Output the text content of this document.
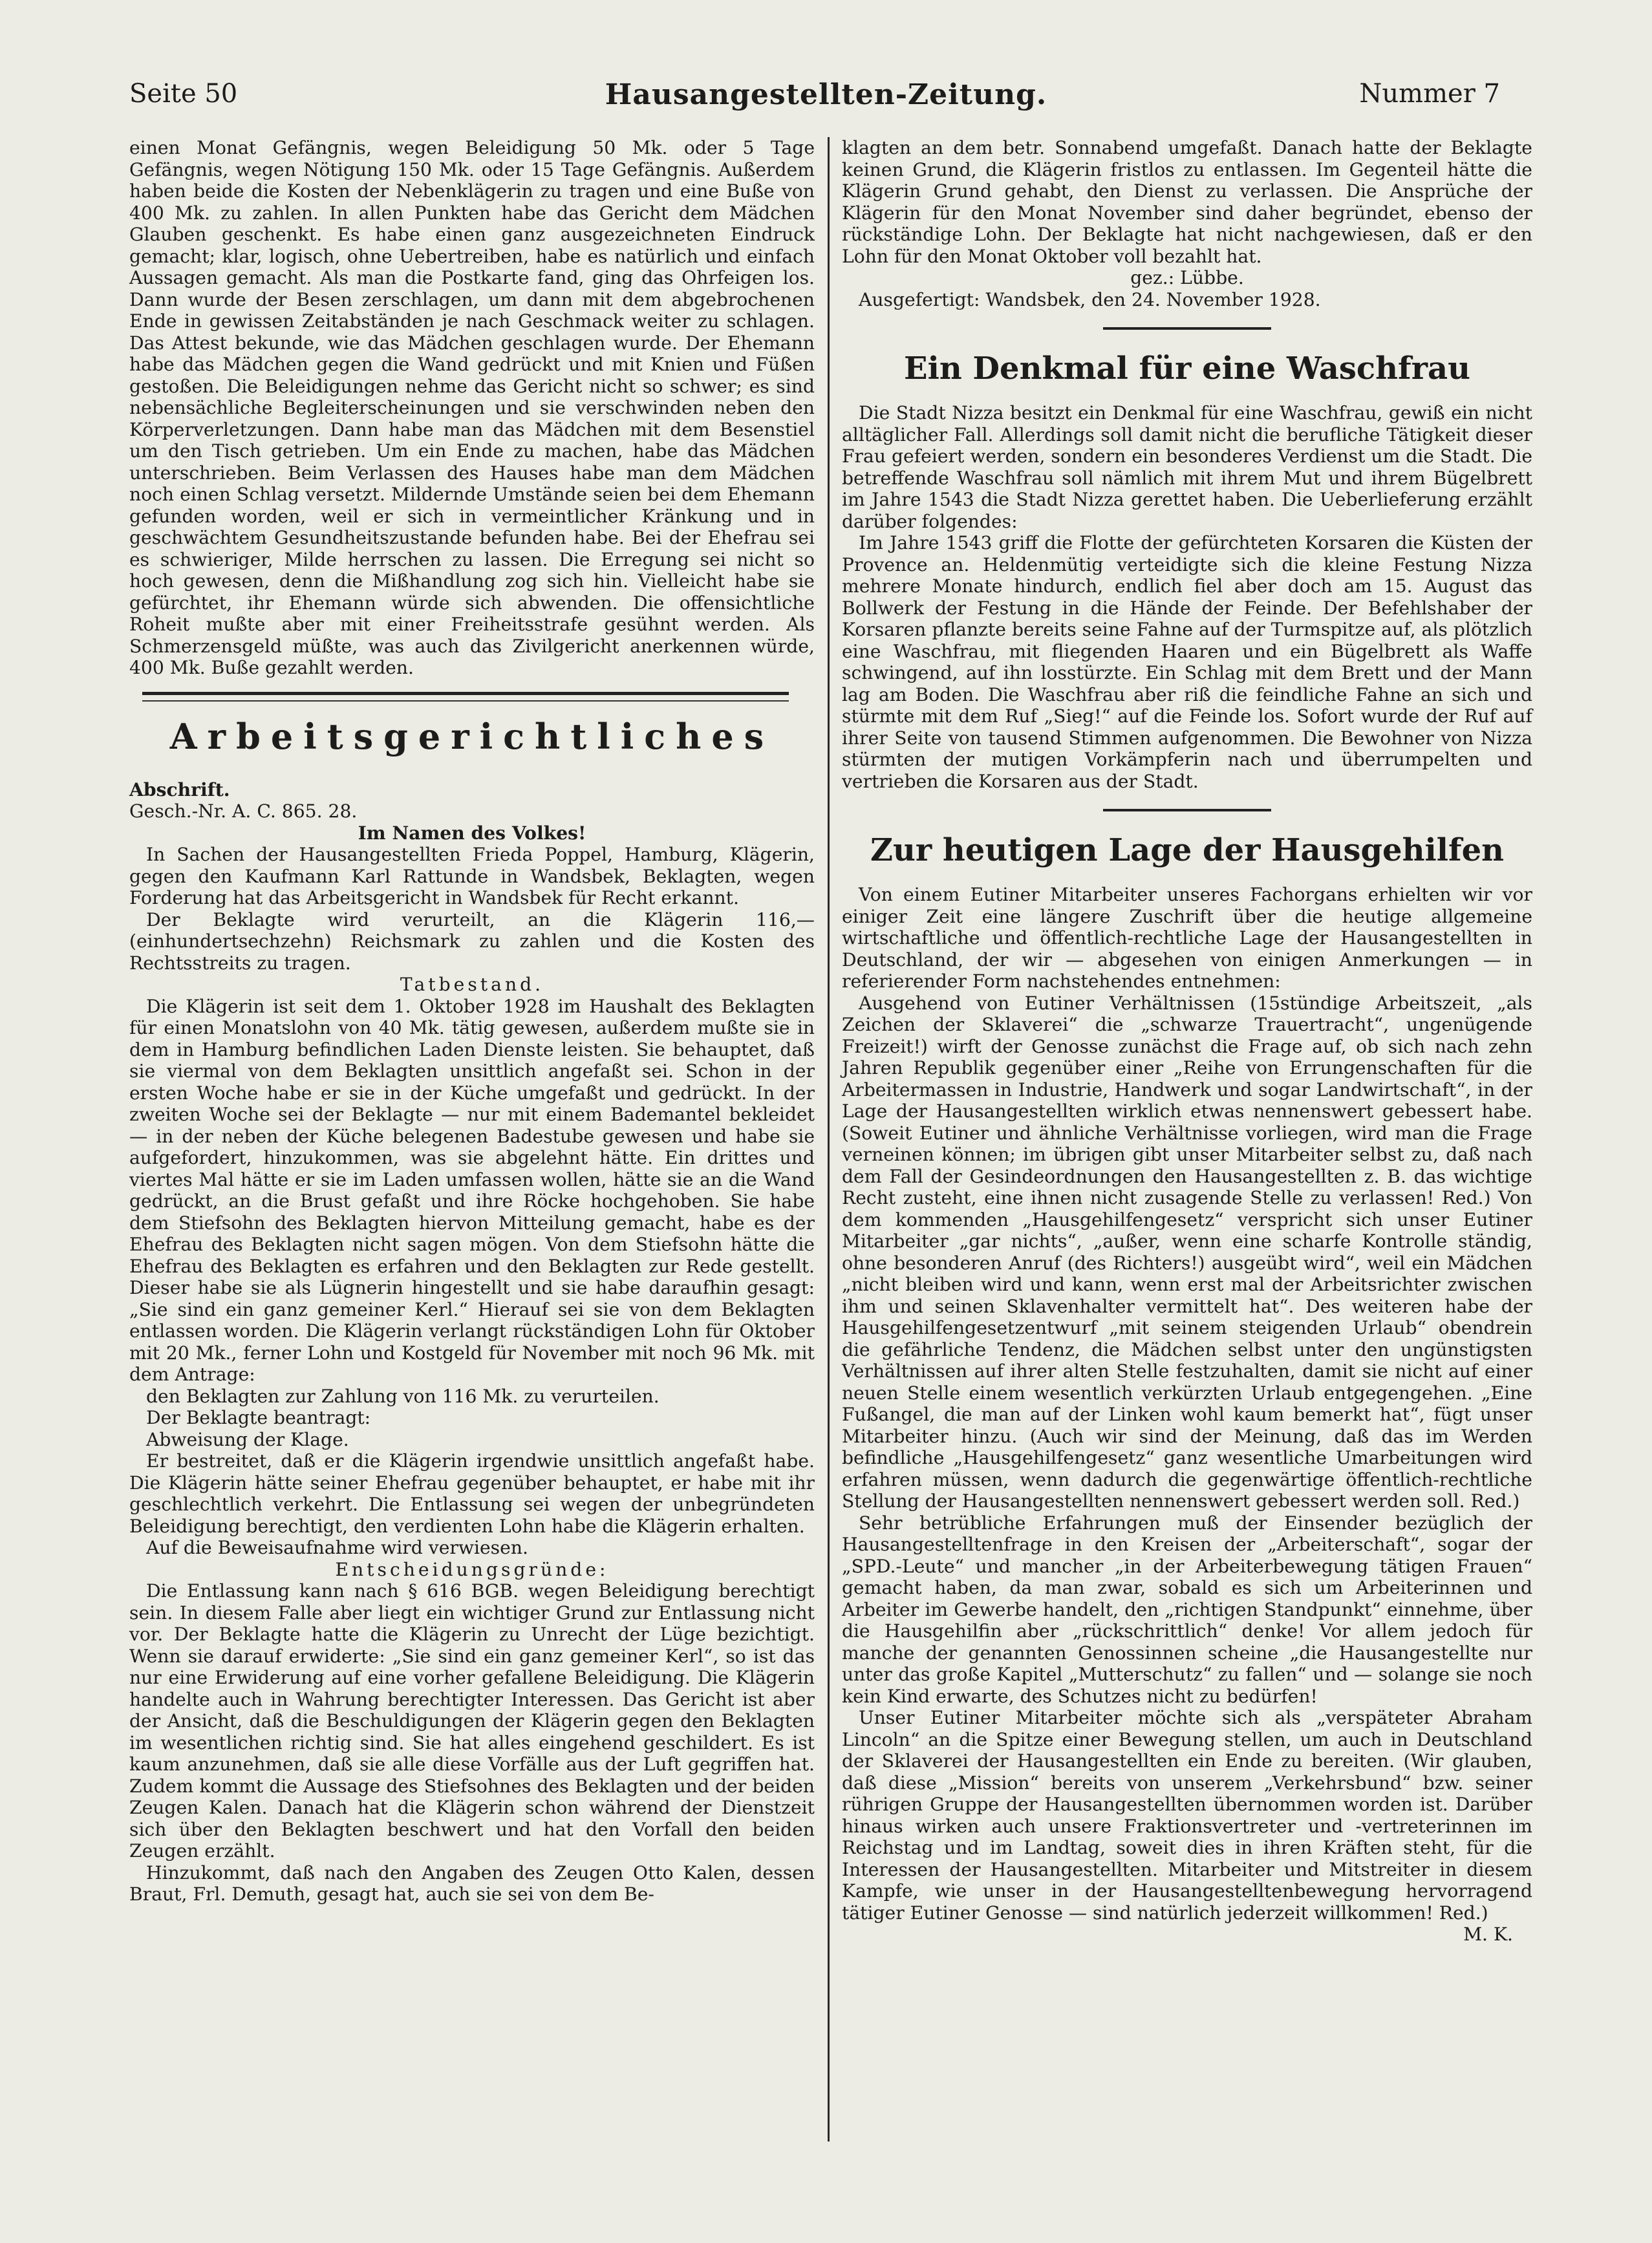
Seite 50	Hausangestellten-Zeitung.	Nummer 7

einen Monat Gefängnis, wegen Beleidigung 50 Mk. oder 5 Tage Gefängnis, wegen Nötigung 150 Mk. oder 15 Tage Gefängnis. Außerdem haben beide die Kosten der Nebenklägerin zu tragen und eine Buße von 400 Mk. zu zahlen. In allen Punkten habe das Gericht dem Mädchen Glauben geschenkt. Es habe einen ganz ausgezeichneten Eindruck gemacht; klar, logisch, ohne Uebertreiben, habe es natürlich und einfach Aussagen gemacht. Als man die Postkarte fand, ging das Ohrfeigen los. Dann wurde der Besen zerschlagen, um dann mit dem abgebrochenen Ende in gewissen Zeitabständen je nach Geschmack weiter zu schlagen. Das Attest bekunde, wie das Mädchen geschlagen wurde. Der Ehemann habe das Mädchen gegen die Wand gedrückt und mit Knien und Füßen gestoßen. Die Beleidigungen nehme das Gericht nicht so schwer; es sind nebensächliche Begleiterscheinungen und sie verschwinden neben den Körperverletzungen. Dann habe man das Mädchen mit dem Besenstiel um den Tisch getrieben. Um ein Ende zu machen, habe das Mädchen unterschrieben. Beim Verlassen des Hauses habe man dem Mädchen noch einen Schlag versetzt. Mildernde Umstände seien bei dem Ehemann gefunden worden, weil er sich in vermeintlicher Kränkung und in geschwächtem Gesundheitszustande befunden habe. Bei der Ehefrau sei es schwieriger, Milde herrschen zu lassen. Die Erregung sei nicht so hoch gewesen, denn die Mißhandlung zog sich hin. Vielleicht habe sie gefürchtet, ihr Ehemann würde sich abwenden. Die offensichtliche Roheit mußte aber mit einer Freiheitsstrafe gesühnt werden. Als Schmerzensgeld müßte, was auch das Zivilgericht anerkennen würde, 400 Mk. Buße gezahlt werden.

Arbeitsgerichtliches

Abschrift.

Gesch.-Nr. A. C. 865. 28.

Im Namen des Volkes!

In Sachen der Hausangestellten Frieda Poppel, Hamburg, Klägerin, gegen den Kaufmann Karl Rattunde in Wandsbek, Beklagten, wegen Forderung hat das Arbeitsgericht in Wandsbek für Recht erkannt.

Der Beklagte wird verurteilt, an die Klägerin 116,— (einhundertsechzehn) Reichsmark zu zahlen und die Kosten des Rechtsstreits zu tragen.

Tatbestand.

Die Klägerin ist seit dem 1. Oktober 1928 im Haushalt des Beklagten für einen Monatslohn von 40 Mk. tätig gewesen, außerdem mußte sie in dem in Hamburg befindlichen Laden Dienste leisten. Sie behauptet, daß sie viermal von dem Beklagten unsittlich angefaßt sei. Schon in der ersten Woche habe er sie in der Küche umgefaßt und gedrückt. In der zweiten Woche sei der Beklagte — nur mit einem Bademantel bekleidet — in der neben der Küche belegenen Badestube gewesen und habe sie aufgefordert, hinzukommen, was sie abgelehnt hätte. Ein drittes und viertes Mal hätte er sie im Laden umfassen wollen, hätte sie an die Wand gedrückt, an die Brust gefaßt und ihre Röcke hochgehoben. Sie habe dem Stiefsohn des Beklagten hiervon Mitteilung gemacht, habe es der Ehefrau des Beklagten nicht sagen mögen. Von dem Stiefsohn hätte die Ehefrau des Beklagten es erfahren und den Beklagten zur Rede gestellt. Dieser habe sie als Lügnerin hingestellt und sie habe daraufhin gesagt: „Sie sind ein ganz gemeiner Kerl.“ Hierauf sei sie von dem Beklagten entlassen worden. Die Klägerin verlangt rückständigen Lohn für Oktober mit 20 Mk., ferner Lohn und Kostgeld für November mit noch 96 Mk. mit dem Antrage:

den Beklagten zur Zahlung von 116 Mk. zu verurteilen.

Der Beklagte beantragt:

Abweisung der Klage.

Er bestreitet, daß er die Klägerin irgendwie unsittlich angefaßt habe. Die Klägerin hätte seiner Ehefrau gegenüber behauptet, er habe mit ihr geschlechtlich verkehrt. Die Entlassung sei wegen der unbegründeten Beleidigung berechtigt, den verdienten Lohn habe die Klägerin erhalten.

Auf die Beweisaufnahme wird verwiesen.

Entscheidungsgründe:

Die Entlassung kann nach § 616 BGB. wegen Beleidigung berechtigt sein. In diesem Falle aber liegt ein wichtiger Grund zur Entlassung nicht vor. Der Beklagte hatte die Klägerin zu Unrecht der Lüge bezichtigt. Wenn sie darauf erwiderte: „Sie sind ein ganz gemeiner Kerl“, so ist das nur eine Erwiderung auf eine vorher gefallene Beleidigung. Die Klägerin handelte auch in Wahrung berechtigter Interessen. Das Gericht ist aber der Ansicht, daß die Beschuldigungen der Klägerin gegen den Beklagten im wesentlichen richtig sind. Sie hat alles eingehend geschildert. Es ist kaum anzunehmen, daß sie alle diese Vorfälle aus der Luft gegriffen hat. Zudem kommt die Aussage des Stiefsohnes des Beklagten und der beiden Zeugen Kalen. Danach hat die Klägerin schon während der Dienstzeit sich über den Beklagten beschwert und hat den Vorfall den beiden Zeugen erzählt.

Hinzukommt, daß nach den Angaben des Zeugen Otto Kalen, dessen Braut, Frl. Demuth, gesagt hat, auch sie sei von dem Be-

klagten an dem betr. Sonnabend umgefaßt. Danach hatte der Beklagte keinen Grund, die Klägerin fristlos zu entlassen. Im Gegenteil hätte die Klägerin Grund gehabt, den Dienst zu verlassen. Die Ansprüche der Klägerin für den Monat November sind daher begründet, ebenso der rückständige Lohn. Der Beklagte hat nicht nachgewiesen, daß er den Lohn für den Monat Oktober voll bezahlt hat.

gez.: Lübbe.

Ausgefertigt: Wandsbek, den 24. November 1928.

Ein Denkmal für eine Waschfrau

Die Stadt Nizza besitzt ein Denkmal für eine Waschfrau, gewiß ein nicht alltäglicher Fall. Allerdings soll damit nicht die berufliche Tätigkeit dieser Frau gefeiert werden, sondern ein besonderes Verdienst um die Stadt. Die betreffende Waschfrau soll nämlich mit ihrem Mut und ihrem Bügelbrett im Jahre 1543 die Stadt Nizza gerettet haben. Die Ueberlieferung erzählt darüber folgendes:

Im Jahre 1543 griff die Flotte der gefürchteten Korsaren die Küsten der Provence an. Heldenmütig verteidigte sich die kleine Festung Nizza mehrere Monate hindurch, endlich fiel aber doch am 15. August das Bollwerk der Festung in die Hände der Feinde. Der Befehlshaber der Korsaren pflanzte bereits seine Fahne auf der Turmspitze auf, als plötzlich eine Waschfrau, mit fliegenden Haaren und ein Bügelbrett als Waffe schwingend, auf ihn losstürzte. Ein Schlag mit dem Brett und der Mann lag am Boden. Die Waschfrau aber riß die feindliche Fahne an sich und stürmte mit dem Ruf „Sieg!“ auf die Feinde los. Sofort wurde der Ruf auf ihrer Seite von tausend Stimmen aufgenommen. Die Bewohner von Nizza stürmten der mutigen Vorkämpferin nach und überrumpelten und vertrieben die Korsaren aus der Stadt.

Zur heutigen Lage der Hausgehilfen

Von einem Eutiner Mitarbeiter unseres Fachorgans erhielten wir vor einiger Zeit eine längere Zuschrift über die heutige allgemeine wirtschaftliche und öffentlich-rechtliche Lage der Hausangestellten in Deutschland, der wir — abgesehen von einigen Anmerkungen — in referierender Form nachstehendes entnehmen:

Ausgehend von Eutiner Verhältnissen (15stündige Arbeitszeit, „als Zeichen der Sklaverei“ die „schwarze Trauertracht“, ungenügende Freizeit!) wirft der Genosse zunächst die Frage auf, ob sich nach zehn Jahren Republik gegenüber einer „Reihe von Errungenschaften für die Arbeitermassen in Industrie, Handwerk und sogar Landwirtschaft“, in der Lage der Hausangestellten wirklich etwas nennenswert gebessert habe. (Soweit Eutiner und ähnliche Verhältnisse vorliegen, wird man die Frage verneinen können; im übrigen gibt unser Mitarbeiter selbst zu, daß nach dem Fall der Gesindeordnungen den Hausangestellten z. B. das wichtige Recht zusteht, eine ihnen nicht zusagende Stelle zu verlassen! Red.) Von dem kommenden „Hausgehilfengesetz“ verspricht sich unser Eutiner Mitarbeiter „gar nichts“, „außer, wenn eine scharfe Kontrolle ständig, ohne besonderen Anruf (des Richters!) ausgeübt wird“, weil ein Mädchen „nicht bleiben wird und kann, wenn erst mal der Arbeitsrichter zwischen ihm und seinen Sklavenhalter vermittelt hat“. Des weiteren habe der Hausgehilfengesetzentwurf „mit seinem steigenden Urlaub“ obendrein die gefährliche Tendenz, die Mädchen selbst unter den ungünstigsten Verhältnissen auf ihrer alten Stelle festzuhalten, damit sie nicht auf einer neuen Stelle einem wesentlich verkürzten Urlaub entgegengehen. „Eine Fußangel, die man auf der Linken wohl kaum bemerkt hat“, fügt unser Mitarbeiter hinzu. (Auch wir sind der Meinung, daß das im Werden befindliche „Hausgehilfengesetz“ ganz wesentliche Umarbeitungen wird erfahren müssen, wenn dadurch die gegenwärtige öffentlich-rechtliche Stellung der Hausangestellten nennenswert gebessert werden soll. Red.)

Sehr betrübliche Erfahrungen muß der Einsender bezüglich der Hausangestelltenfrage in den Kreisen der „Arbeiterschaft“, sogar der „SPD.-Leute“ und mancher „in der Arbeiterbewegung tätigen Frauen“ gemacht haben, da man zwar, sobald es sich um Arbeiterinnen und Arbeiter im Gewerbe handelt, den „richtigen Standpunkt“ einnehme, über die Hausgehilfin aber „rückschrittlich“ denke! Vor allem jedoch für manche der genannten Genossinnen scheine „die Hausangestellte nur unter das große Kapitel „Mutterschutz“ zu fallen“ und — solange sie noch kein Kind erwarte, des Schutzes nicht zu bedürfen!

Unser Eutiner Mitarbeiter möchte sich als „verspäteter Abraham Lincoln“ an die Spitze einer Bewegung stellen, um auch in Deutschland der Sklaverei der Hausangestellten ein Ende zu bereiten. (Wir glauben, daß diese „Mission“ bereits von unserem „Verkehrsbund“ bzw. seiner rührigen Gruppe der Hausangestellten übernommen worden ist. Darüber hinaus wirken auch unsere Fraktionsvertreter und -vertreterinnen im Reichstag und im Landtag, soweit dies in ihren Kräften steht, für die Interessen der Hausangestellten. Mitarbeiter und Mitstreiter in diesem Kampfe, wie unser in der Hausangestelltenbewegung hervorragend tätiger Eutiner Genosse — sind natürlich jederzeit willkommen! Red.)

M. K.
